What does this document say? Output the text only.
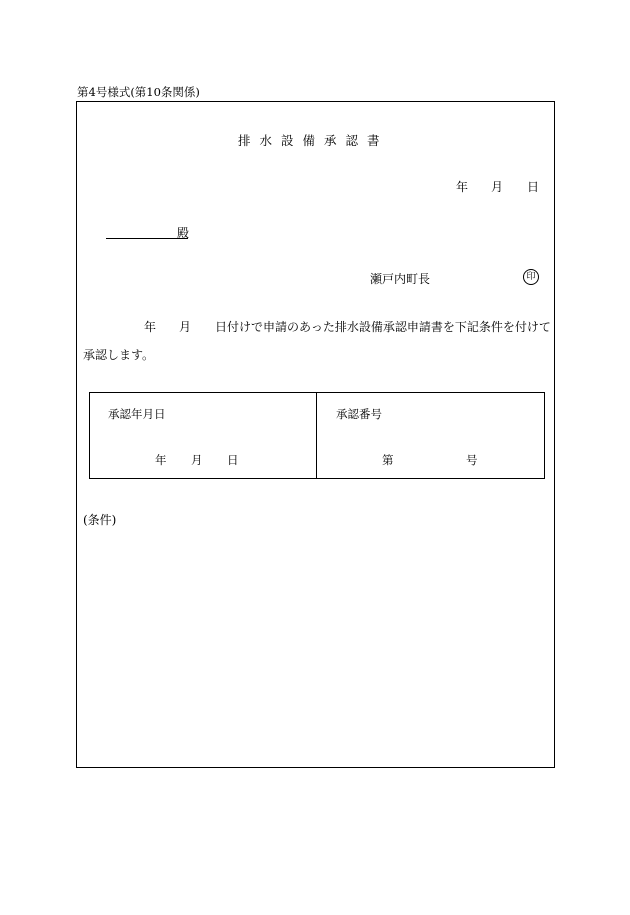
第4号様式(第10条関係)
排水設備承認書
年 月 日
殿
瀬戸内町長	印
年 月 日付けで申請のあった排水設備承認申請書を下記条件を付けて
承認します。
承認年月日
年 月 日
承認番号
第	号
(条件)
